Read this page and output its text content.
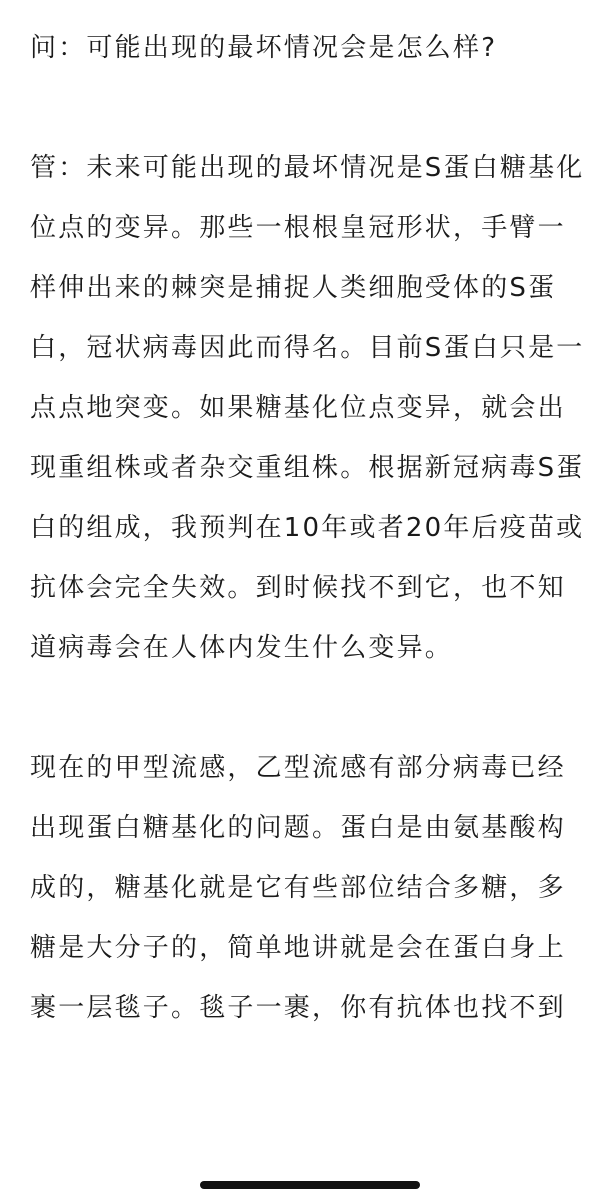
问：可能出现的最坏情况会是怎么样?

管：未来可能出现的最坏情况是S蛋白糖基化位点的变异。那些一根根皇冠形状，手臂一样伸出来的棘突是捕捉人类细胞受体的S蛋白，冠状病毒因此而得名。目前S蛋白只是一点点地突变。如果糖基化位点变异，就会出现重组株或者杂交重组株。根据新冠病毒S蛋白的组成，我预判在10年或者20年后疫苗或抗体会完全失效。到时候找不到它，也不知道病毒会在人体内发生什么变异。

现在的甲型流感，乙型流感有部分病毒已经出现蛋白糖基化的问题。蛋白是由氨基酸构成的，糖基化就是它有些部位结合多糖，多糖是大分子的，简单地讲就是会在蛋白身上裹一层毯子。毯子一裹，你有抗体也找不到
